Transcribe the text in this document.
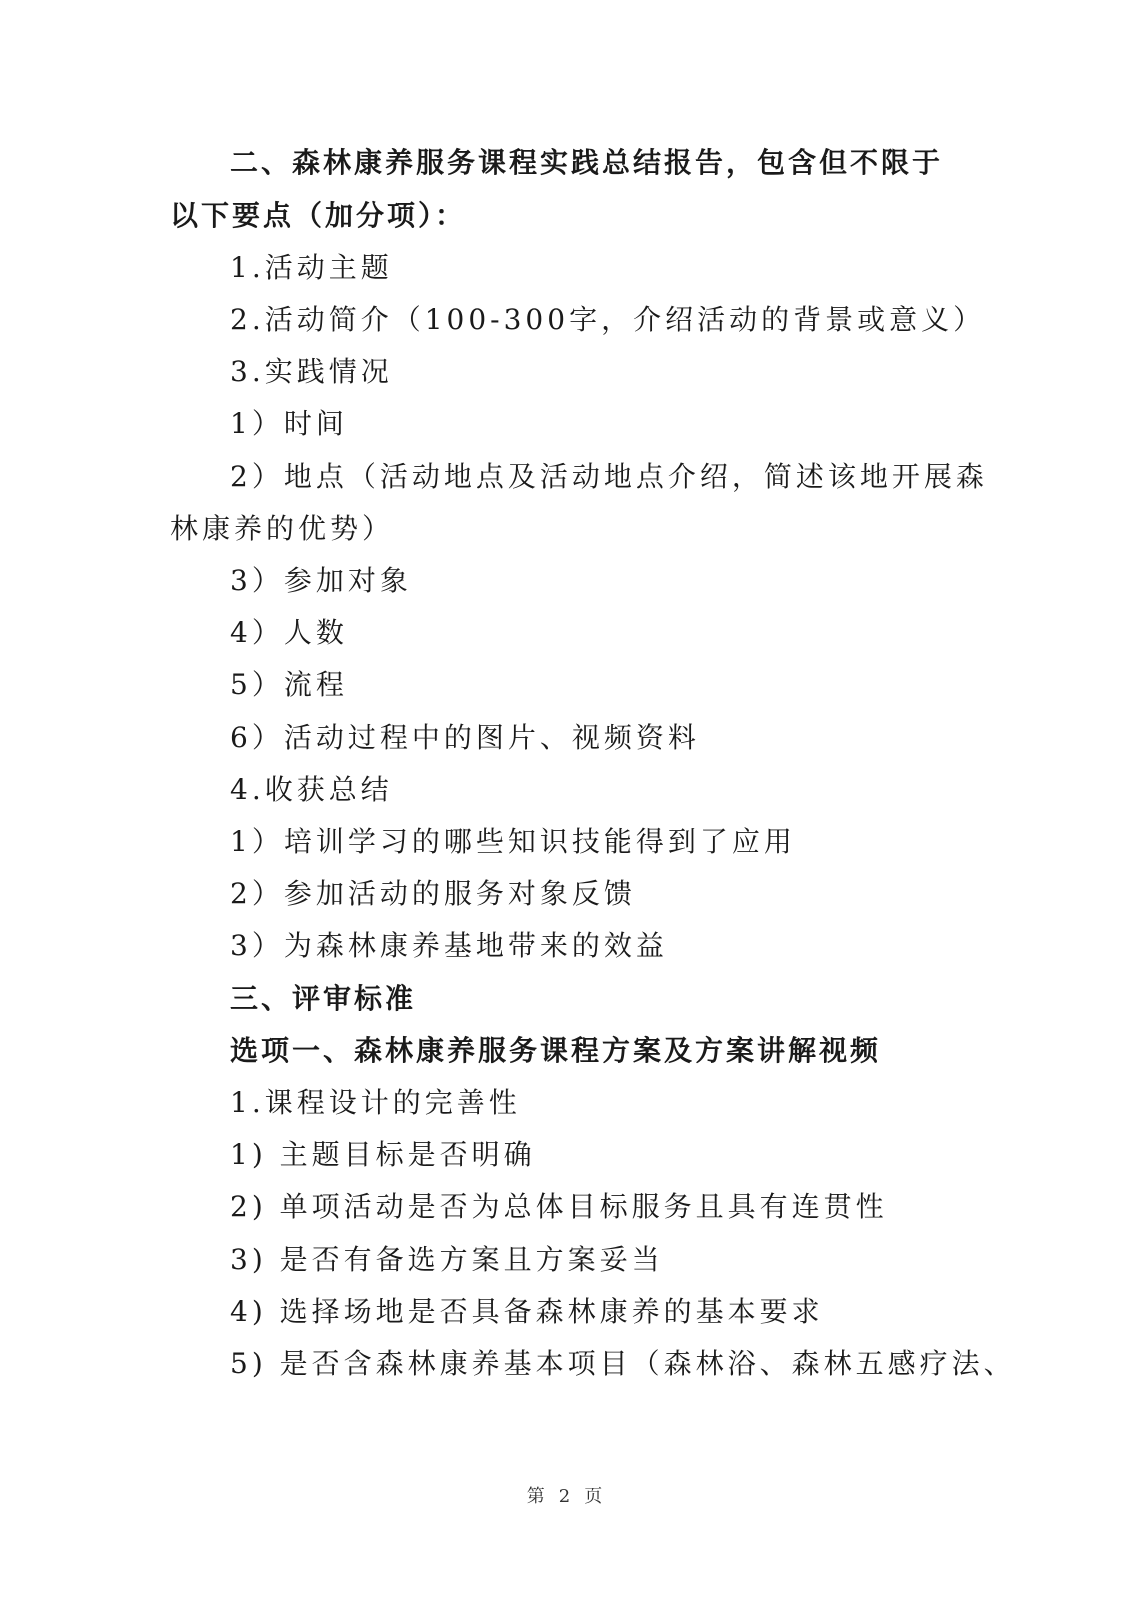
二、森林康养服务课程实践总结报告，包含但不限于
以下要点（加分项）：
1.活动主题
2.活动简介（100-300字，介绍活动的背景或意义）
3.实践情况
1）时间
2）地点（活动地点及活动地点介绍，简述该地开展森
林康养的优势）
3）参加对象
4）人数
5）流程
6）活动过程中的图片、视频资料
4.收获总结
1）培训学习的哪些知识技能得到了应用
2）参加活动的服务对象反馈
3）为森林康养基地带来的效益
三、评审标准
选项一、森林康养服务课程方案及方案讲解视频
1.课程设计的完善性
1) 主题目标是否明确
2) 单项活动是否为总体目标服务且具有连贯性
3) 是否有备选方案且方案妥当
4) 选择场地是否具备森林康养的基本要求
5) 是否含森林康养基本项目（森林浴、森林五感疗法、
第 2 页
